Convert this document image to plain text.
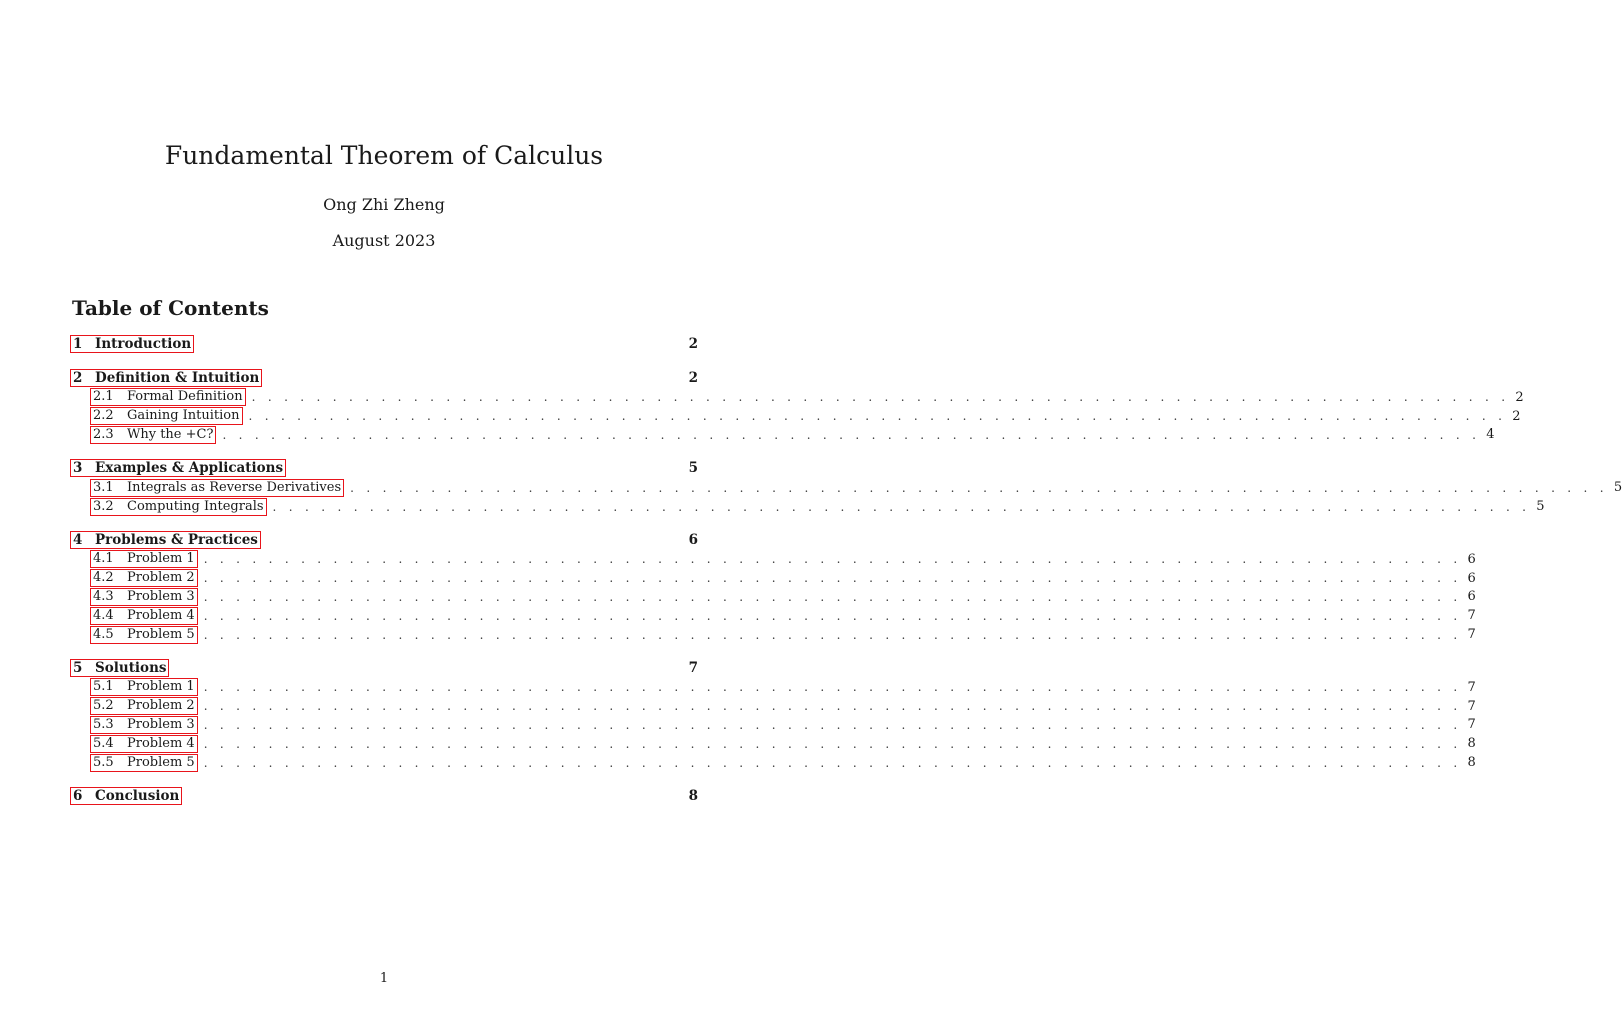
Fundamental Theorem of Calculus
Ong Zhi Zheng
August 2023
Table of Contents
1 Introduction	2
2 Definition & Intuition	2
2.1 Formal Definition . . . . . . . . . . . . . . . . . . . . . . . . . . . . . . . . . . . . . . . . . . . . . . . . . . . . . . . . . . . . . . . . . . . . . . . . . . . . . . 2
2.2 Gaining Intuition . . . . . . . . . . . . . . . . . . . . . . . . . . . . . . . . . . . . . . . . . . . . . . . . . . . . . . . . . . . . . . . . . . . . . . . . . . . . . . 2
2.3 Why the +C? . . . . . . . . . . . . . . . . . . . . . . . . . . . . . . . . . . . . . . . . . . . . . . . . . . . . . . . . . . . . . . . . . . . . . . . . . . . . . . 4
3 Examples & Applications	5
3.1 Integrals as Reverse Derivatives . . . . . . . . . . . . . . . . . . . . . . . . . . . . . . . . . . . . . . . . . . . . . . . . . . . . . . . . . . . . . . . . . . . . . . . . . . . . . . 5
3.2 Computing Integrals . . . . . . . . . . . . . . . . . . . . . . . . . . . . . . . . . . . . . . . . . . . . . . . . . . . . . . . . . . . . . . . . . . . . . . . . . . . . . . 5
4 Problems & Practices	6
4.1 Problem 1 . . . . . . . . . . . . . . . . . . . . . . . . . . . . . . . . . . . . . . . . . . . . . . . . . . . . . . . . . . . . . . . . . . . . . . . . . . . . . . 6
4.2 Problem 2 . . . . . . . . . . . . . . . . . . . . . . . . . . . . . . . . . . . . . . . . . . . . . . . . . . . . . . . . . . . . . . . . . . . . . . . . . . . . . . 6
4.3 Problem 3 . . . . . . . . . . . . . . . . . . . . . . . . . . . . . . . . . . . . . . . . . . . . . . . . . . . . . . . . . . . . . . . . . . . . . . . . . . . . . . 6
4.4 Problem 4 . . . . . . . . . . . . . . . . . . . . . . . . . . . . . . . . . . . . . . . . . . . . . . . . . . . . . . . . . . . . . . . . . . . . . . . . . . . . . . 7
4.5 Problem 5 . . . . . . . . . . . . . . . . . . . . . . . . . . . . . . . . . . . . . . . . . . . . . . . . . . . . . . . . . . . . . . . . . . . . . . . . . . . . . . 7
5 Solutions	7
5.1 Problem 1 . . . . . . . . . . . . . . . . . . . . . . . . . . . . . . . . . . . . . . . . . . . . . . . . . . . . . . . . . . . . . . . . . . . . . . . . . . . . . . 7
5.2 Problem 2 . . . . . . . . . . . . . . . . . . . . . . . . . . . . . . . . . . . . . . . . . . . . . . . . . . . . . . . . . . . . . . . . . . . . . . . . . . . . . . 7
5.3 Problem 3 . . . . . . . . . . . . . . . . . . . . . . . . . . . . . . . . . . . . . . . . . . . . . . . . . . . . . . . . . . . . . . . . . . . . . . . . . . . . . . 7
5.4 Problem 4 . . . . . . . . . . . . . . . . . . . . . . . . . . . . . . . . . . . . . . . . . . . . . . . . . . . . . . . . . . . . . . . . . . . . . . . . . . . . . . 8
5.5 Problem 5 . . . . . . . . . . . . . . . . . . . . . . . . . . . . . . . . . . . . . . . . . . . . . . . . . . . . . . . . . . . . . . . . . . . . . . . . . . . . . . 8
6 Conclusion	8
1
